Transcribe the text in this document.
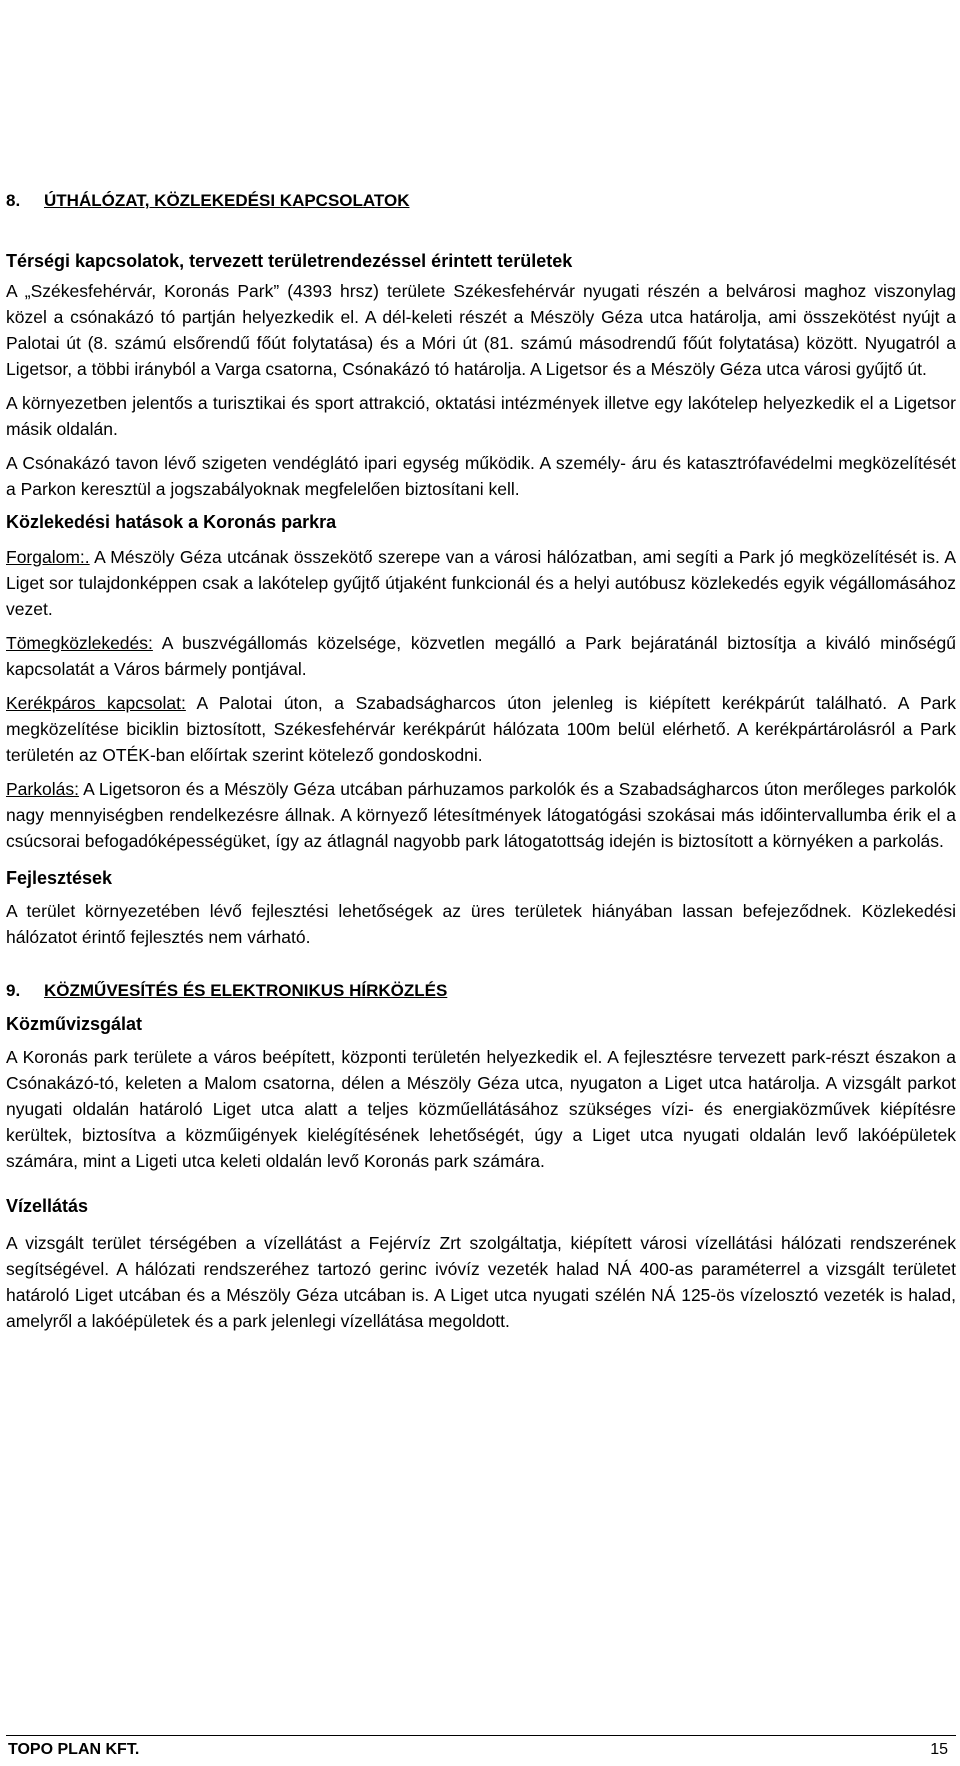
Székesfehérvár Helyi Építési Szabályzatának és Szabályozási tervének módosítása
SZÉKESFEHÉRVÁR „KORONÁS PARK” TERÜLETÉRE (4393 hrsz)
314/2012. (XI. 8.) Korm. rendelet 38.§ szerinti államigazgatási egyeztetési dokumentáció (41.§ szerinti egyszerűsített
eljárásban) 2014. február
8. ÚTHÁLÓZAT, KÖZLEKEDÉSI KAPCSOLATOK
Térségi kapcsolatok, tervezett területrendezéssel érintett területek

A „Székesfehérvár, Koronás Park” (4393 hrsz) területe Székesfehérvár nyugati részén a belvárosi maghoz viszonylag közel a csónakázó tó partján helyezkedik el. A dél-keleti részét a Mészöly Géza utca határolja, ami összekötést nyújt a Palotai út (8. számú elsőrendű főút folytatása) és a Móri út (81. számú másodrendű főút folytatása) között. Nyugatról a Ligetsor, a többi irányból a Varga csatorna, Csónakázó tó határolja. A Ligetsor és a Mészöly Géza utca városi gyűjtő út.

A környezetben jelentős a turisztikai és sport attrakció, oktatási intézmények illetve egy lakótelep helyezkedik el a Ligetsor másik oldalán.

A Csónakázó tavon lévő szigeten vendéglátó ipari egység működik. A személy- áru és katasztrófavédelmi megközelítését a Parkon keresztül a jogszabályoknak megfelelően biztosítani kell.

Közlekedési hatások a Koronás parkra

Forgalom:. A Mészöly Géza utcának összekötő szerepe van a városi hálózatban, ami segíti a Park jó megközelítését is. A Liget sor tulajdonképpen csak a lakótelep gyűjtő útjaként funkcionál és a helyi autóbusz közlekedés egyik végállomásához vezet.

Tömegközlekedés: A buszvégállomás közelsége, közvetlen megálló a Park bejáratánál biztosítja a kiváló minőségű kapcsolatát a Város bármely pontjával.

Kerékpáros kapcsolat: A Palotai úton, a Szabadságharcos úton jelenleg is kiépített kerékpárút található. A Park megközelítése biciklin biztosított, Székesfehérvár kerékpárút hálózata 100m belül elérhető. A kerékpártárolásról a Park területén az OTÉK-ban előírtak szerint kötelező gondoskodni.

Parkolás: A Ligetsoron és a Mészöly Géza utcában párhuzamos parkolók és a Szabadságharcos úton merőleges parkolók nagy mennyiségben rendelkezésre állnak. A környező létesítmények látogatógási szokásai más időintervallumba érik el a csúcsorai befogadóképességüket, így az átlagnál nagyobb park látogatottság idején is biztosított a környéken a parkolás.

Fejlesztések

A terület környezetében lévő fejlesztési lehetőségek az üres területek hiányában lassan befejeződnek. Közlekedési hálózatot érintő fejlesztés nem várható.

9. KÖZMŰVESÍTÉS ÉS ELEKTRONIKUS HÍRKÖZLÉS
Közművizsgálat

A Koronás park területe a város beépített, központi területén helyezkedik el. A fejlesztésre tervezett park-részt északon a Csónakázó-tó, keleten a Malom csatorna, délen a Mészöly Géza utca, nyugaton a Liget utca határolja. A vizsgált parkot nyugati oldalán határoló Liget utca alatt a teljes közműellátásához szükséges vízi- és energiaközművek kiépítésre kerültek, biztosítva a közműigények kielégítésének lehetőségét, úgy a Liget utca nyugati oldalán levő lakóépületek számára, mint a Ligeti utca keleti oldalán levő Koronás park számára.

Vízellátás

A vizsgált terület térségében a vízellátást a Fejérvíz Zrt szolgáltatja, kiépített városi vízellátási hálózati rendszerének segítségével. A hálózati rendszeréhez tartozó gerinc ivóvíz vezeték halad NÁ 400-as paraméterrel a vizsgált területet határoló Liget utcában és a Mészöly Géza utcában is. A Liget utca nyugati szélén NÁ 125-ös vízelosztó vezeték is halad, amelyről a lakóépületek és a park jelenlegi vízellátása megoldott.

TOPO PLAN KFT.	15
